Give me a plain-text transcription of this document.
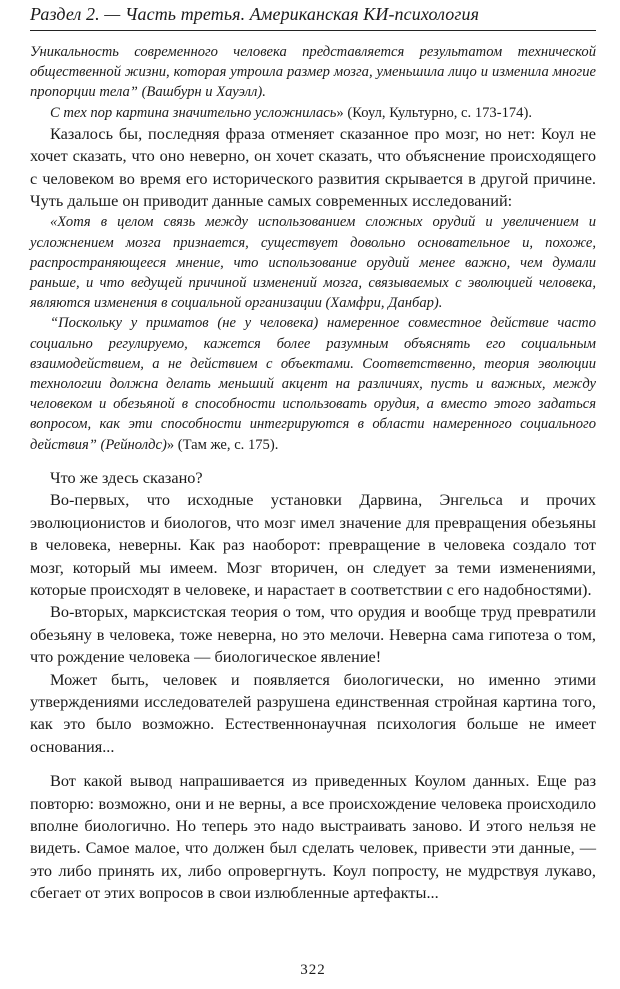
Раздел 2. — Часть третья. Американская КИ-психология

Уникальность современного человека представляется результатом технической общественной жизни, которая утроила размер мозга, уменьшила лицо и изменила многие пропорции тела” (Вашбурн и Хауэлл).

С тех пор картина значительно усложнилась» (Коул, Культурно, с. 173-174).

Казалось бы, последняя фраза отменяет сказанное про мозг, но нет: Коул не хочет сказать, что оно неверно, он хочет сказать, что объяснение происходящего с человеком во время его исторического развития скрывается в другой причине. Чуть дальше он приводит данные самых современных исследований:

«Хотя в целом связь между использованием сложных орудий и увеличением и усложнением мозга признается, существует довольно основательное и, похоже, распространяющееся мнение, что использование орудий менее важно, чем думали раньше, и что ведущей причиной изменений мозга, связываемых с эволюцией человека, являются изменения в социальной организации (Хамфри, Данбар).

“Поскольку у приматов (не у человека) намеренное совместное действие часто социально регулируемо, кажется более разумным объяснять его социальным взаимодействием, а не действием с объектами. Соответственно, теория эволюции технологии должна делать меньший акцент на различиях, пусть и важных, между человеком и обезьяной в способности использовать орудия, а вместо этого задаться вопросом, как эти способности интегрируются в области намеренного социального действия” (Рейнолдс)» (Там же, с. 175).

Что же здесь сказано?

Во-первых, что исходные установки Дарвина, Энгельса и прочих эволюционистов и биологов, что мозг имел значение для превращения обезьяны в человека, неверны. Как раз наоборот: превращение в человека создало тот мозг, который мы имеем. Мозг вторичен, он следует за теми изменениями, которые происходят в человеке, и нарастает в соответствии с его надобностями).

Во-вторых, марксистская теория о том, что орудия и вообще труд превратили обезьяну в человека, тоже неверна, но это мелочи. Неверна сама гипотеза о том, что рождение человека — биологическое явление!

Может быть, человек и появляется биологически, но именно этими утверждениями исследователей разрушена единственная стройная картина того, как это было возможно. Естественнонаучная психология больше не имеет основания...

Вот какой вывод напрашивается из приведенных Коулом данных. Еще раз повторю: возможно, они и не верны, а все происхождение человека происходило вполне биологично. Но теперь это надо выстраивать заново. И этого нельзя не видеть. Самое малое, что должен был сделать человек, привести эти данные, — это либо принять их, либо опровергнуть. Коул попросту, не мудрствуя лукаво, сбегает от этих вопросов в свои излюбленные артефакты...

322
